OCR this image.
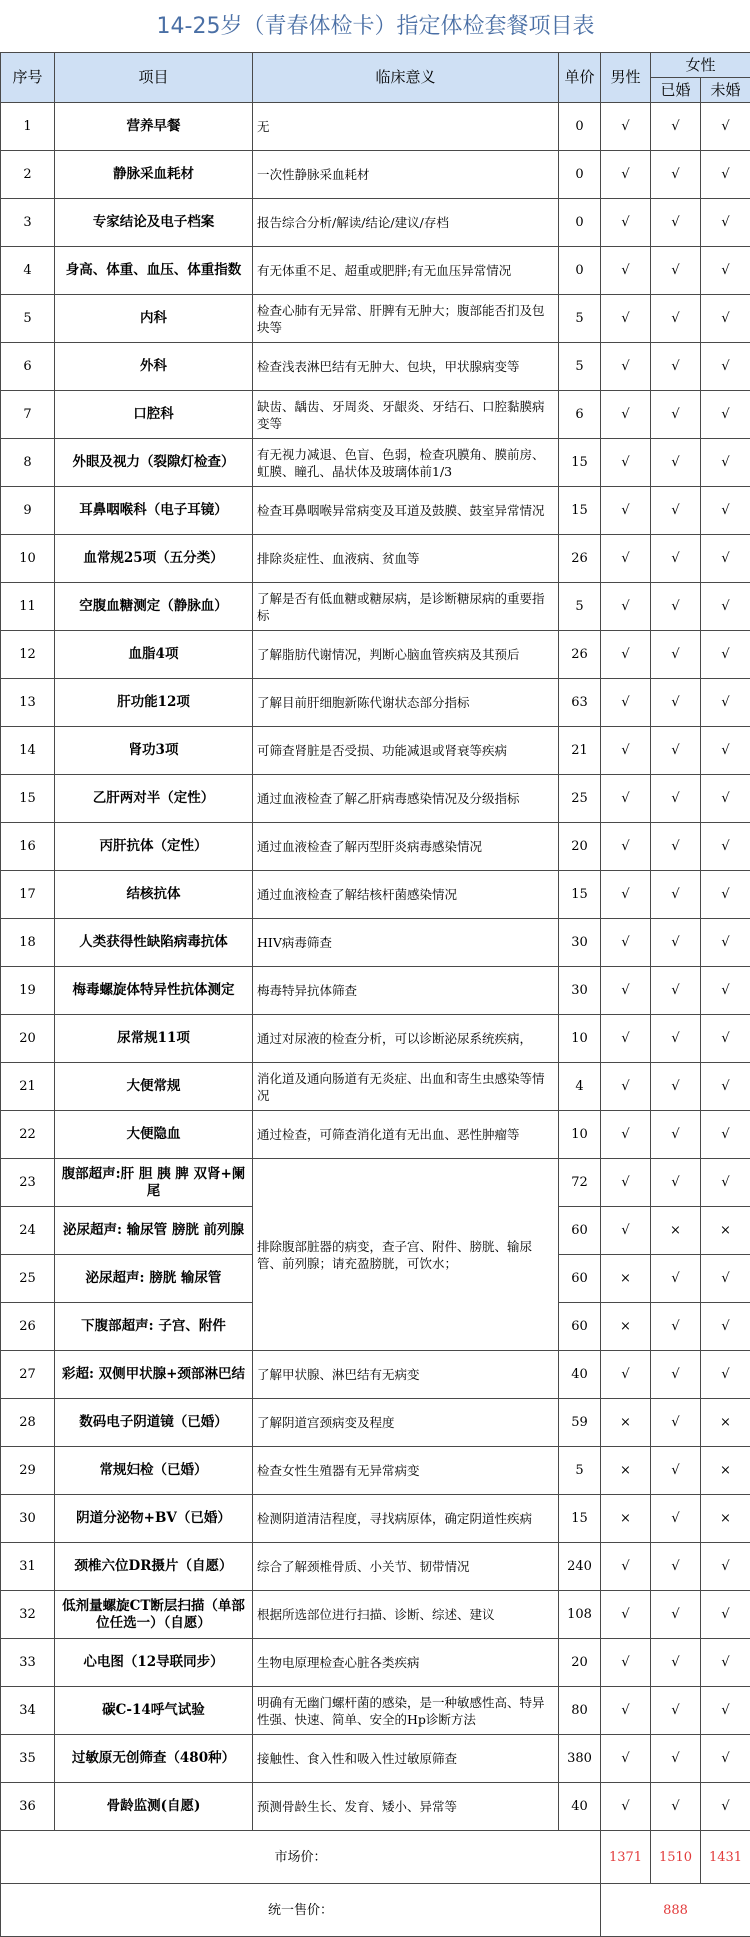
14-25岁（青春体检卡）指定体检套餐项目表						
序号	项目	临床意义	单价	男性	女性	
					已婚	未婚
1	营养早餐	无	0	√	√	√
2	静脉采血耗材	一次性静脉采血耗材	0	√	√	√
3	专家结论及电子档案	报告综合分析/解读/结论/建议/存档	0	√	√	√
4	身高、体重、血压、体重指数	有无体重不足、超重或肥胖;有无血压异常情况	0	√	√	√
5	内科	检查心肺有无异常、肝脾有无肿大；腹部能否扪及包块等	5	√	√	√
6	外科	检查浅表淋巴结有无肿大、包块，甲状腺病变等	5	√	√	√
7	口腔科	缺齿、龋齿、牙周炎、牙龈炎、牙结石、口腔黏膜病变等	6	√	√	√
8	外眼及视力（裂隙灯检查）	有无视力减退、色盲、色弱，检查巩膜角、膜前房、虹膜、瞳孔、晶状体及玻璃体前1/3	15	√	√	√
9	耳鼻咽喉科（电子耳镜）	检查耳鼻咽喉异常病变及耳道及鼓膜、鼓室异常情况	15	√	√	√
10	血常规25项（五分类）	排除炎症性、血液病、贫血等	26	√	√	√
11	空腹血糖测定（静脉血）	了解是否有低血糖或糖尿病，是诊断糖尿病的重要指标	5	√	√	√
12	血脂4项	了解脂肪代谢情况，判断心脑血管疾病及其预后	26	√	√	√
13	肝功能12项	了解目前肝细胞新陈代谢状态部分指标	63	√	√	√
14	肾功3项	可筛查肾脏是否受损、功能减退或肾衰等疾病	21	√	√	√
15	乙肝两对半（定性）	通过血液检查了解乙肝病毒感染情况及分级指标	25	√	√	√
16	丙肝抗体（定性）	通过血液检查了解丙型肝炎病毒感染情况	20	√	√	√
17	结核抗体	通过血液检查了解结核杆菌感染情况	15	√	√	√
18	人类获得性缺陷病毒抗体	HIV病毒筛查	30	√	√	√
19	梅毒螺旋体特异性抗体测定	梅毒特异抗体筛查	30	√	√	√
20	尿常规11项	通过对尿液的检查分析，可以诊断泌尿系统疾病，	10	√	√	√
21	大便常规	消化道及通向肠道有无炎症、出血和寄生虫感染等情况	4	√	√	√
22	大便隐血	通过检查，可筛查消化道有无出血、恶性肿瘤等	10	√	√	√
23	腹部超声:肝 胆 胰 脾 双肾+阑尾	排除腹部脏器的病变，查子宫、附件、膀胱、输尿管、前列腺；请充盈膀胱，可饮水；	72	√	√	√
24	泌尿超声: 输尿管 膀胱 前列腺		60	√	×	×
25	泌尿超声: 膀胱 输尿管		60	×	√	√
26	下腹部超声: 子宫、附件		60	×	√	√
27	彩超: 双侧甲状腺+颈部淋巴结	了解甲状腺、淋巴结有无病变	40	√	√	√
28	数码电子阴道镜（已婚）	了解阴道宫颈病变及程度	59	×	√	×
29	常规妇检（已婚）	检查女性生殖器有无异常病变	5	×	√	×
30	阴道分泌物+BV（已婚）	检测阴道清洁程度，寻找病原体，确定阴道性疾病	15	×	√	×
31	颈椎六位DR摄片（自愿）	综合了解颈椎骨质、小关节、韧带情况	240	√	√	√
32	低剂量螺旋CT断层扫描（单部位任选一）（自愿）	根据所选部位进行扫描、诊断、综述、建议	108	√	√	√
33	心电图（12导联同步）	生物电原理检查心脏各类疾病	20	√	√	√
34	碳C-14呼气试验	明确有无幽门螺杆菌的感染，是一种敏感性高、特异性强、快速、简单、安全的Hp诊断方法	80	√	√	√
35	过敏原无创筛查（480种）	接触性、食入性和吸入性过敏原筛查	380	√	√	√
36	骨龄监测(自愿)	预测骨龄生长、发育、矮小、异常等	40	√	√	√
市场价：				1371	1510	1431
统一售价：				888		
